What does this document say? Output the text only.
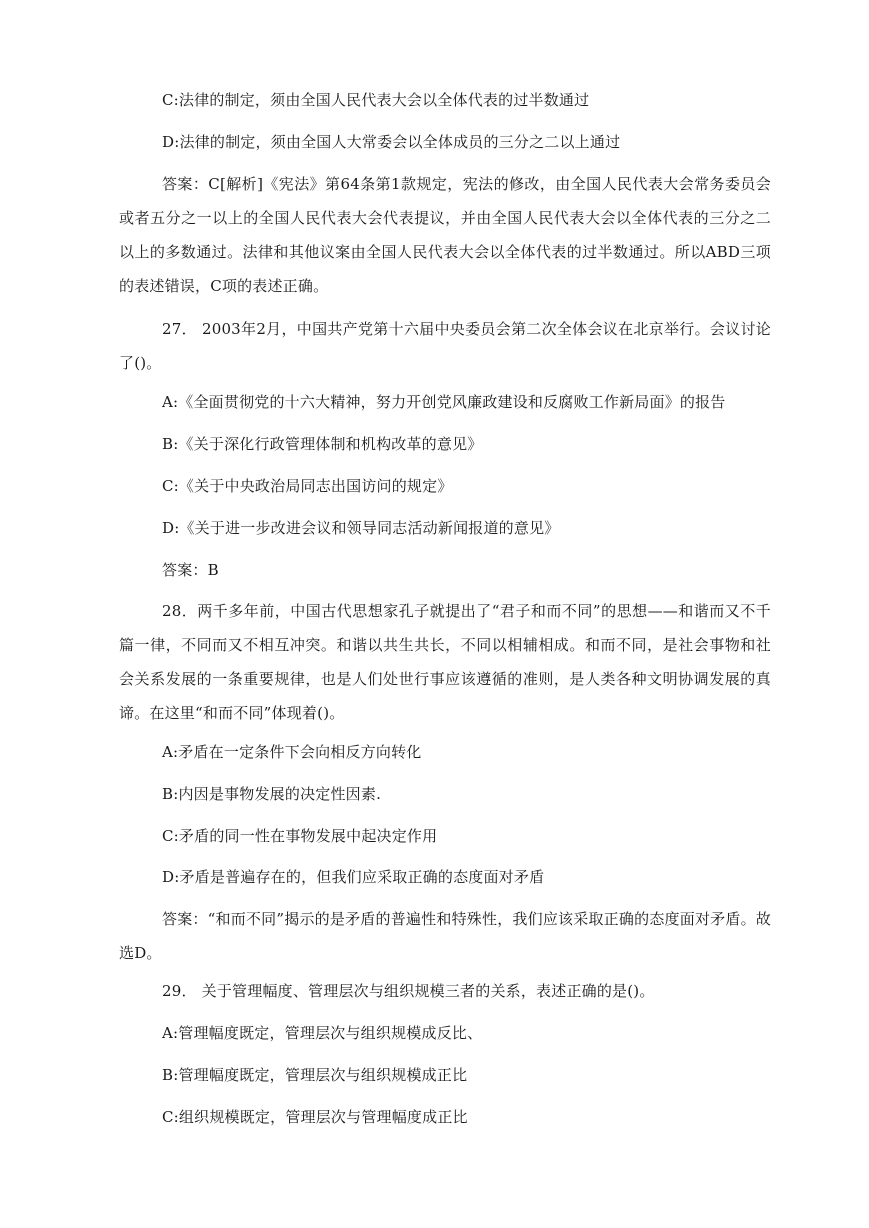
C:法律的制定，须由全国人民代表大会以全体代表的过半数通过
D:法律的制定，须由全国人大常委会以全体成员的三分之二以上通过
答案：C[解析]《宪法》第64条第1款规定，宪法的修改，由全国人民代表大会常务委员会或者五分之一以上的全国人民代表大会代表提议，并由全国人民代表大会以全体代表的三分之二以上的多数通过。法律和其他议案由全国人民代表大会以全体代表的过半数通过。所以ABD三项的表述错误，C项的表述正确。
27． 2003年2月，中国共产党第十六届中央委员会第二次全体会议在北京举行。会议讨论了()。
A:《全面贯彻党的十六大精神，努力开创党风廉政建设和反腐败工作新局面》的报告
B:《关于深化行政管理体制和机构改革的意见》
C:《关于中央政治局同志出国访问的规定》
D:《关于进一步改进会议和领导同志活动新闻报道的意见》
答案：B
28．两千多年前，中国古代思想家孔子就提出了“君子和而不同”的思想——和谐而又不千篇一律，不同而又不相互冲突。和谐以共生共长，不同以相辅相成。和而不同，是社会事物和社会关系发展的一条重要规律，也是人们处世行事应该遵循的准则，是人类各种文明协调发展的真谛。在这里“和而不同”体现着()。
A:矛盾在一定条件下会向相反方向转化
B:内因是事物发展的决定性因素.
C:矛盾的同一性在事物发展中起决定作用
D:矛盾是普遍存在的，但我们应采取正确的态度面对矛盾
答案：“和而不同”揭示的是矛盾的普遍性和特殊性，我们应该采取正确的态度面对矛盾。故选D。
29． 关于管理幅度、管理层次与组织规模三者的关系，表述正确的是()。
A:管理幅度既定，管理层次与组织规模成反比、
B:管理幅度既定，管理层次与组织规模成正比
C:组织规模既定，管理层次与管理幅度成正比
